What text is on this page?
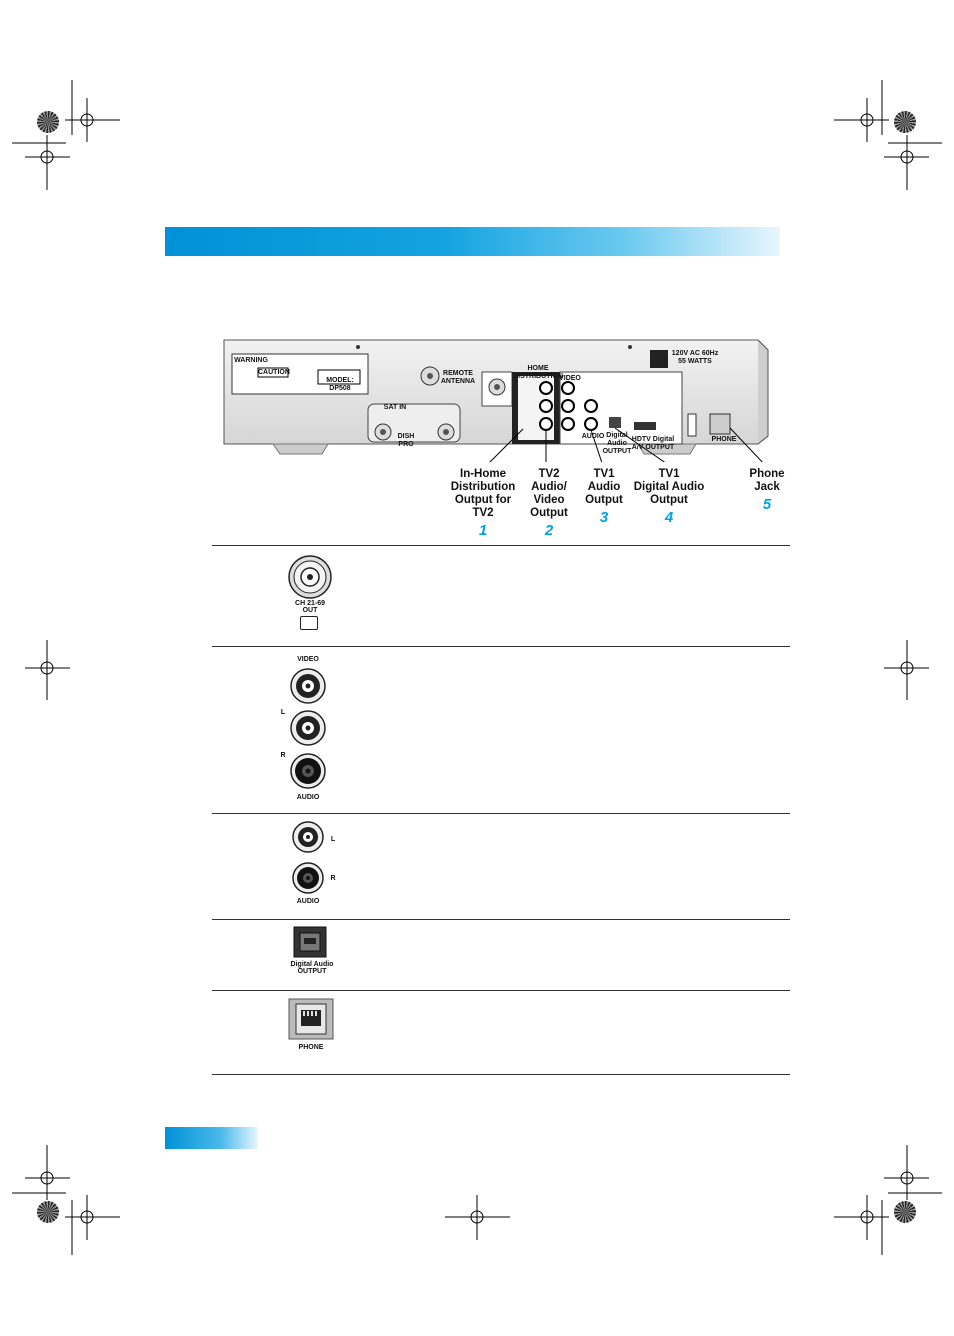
WARNING
CAUTION
MODEL: DP508
REMOTE ANTENNA
HOME DISTRIBUTION
VIDEO
AUDIO Digital Audio OUTPUT
HDTV Digital A/V OUTPUT
PHONE
120V AC 60Hz 55 WATTS
DISH PRO
SAT IN
In-Home
Distribution
Output for
TV2
1
TV2
Audio/
Video
Output
2
TV1
Audio
Output
3
TV1
Digital Audio
Output
4
Phone
Jack
5
CH 21-69
OUT
VIDEO
L
R
AUDIO
L
R
AUDIO
Digital Audio
OUTPUT
PHONE
